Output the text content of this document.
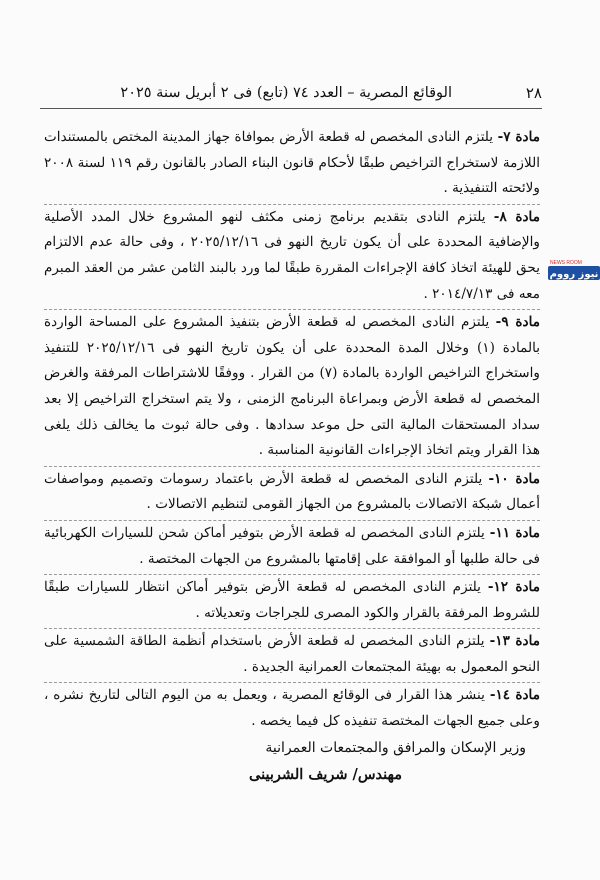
٢٨
الوقائع المصرية – العدد ٧٤ (تابع) فى ٢ أبريل سنة ٢٠٢٥

مادة ٧- يلتزم النادى المخصص له قطعة الأرض بموافاة جهاز المدينة المختص بالمستندات اللازمة لاستخراج التراخيص طبقًا لأحكام قانون البناء الصادر بالقانون رقم ١١٩ لسنة ٢٠٠٨ ولائحته التنفيذية .

مادة ٨- يلتزم النادى بتقديم برنامج زمنى مكثف لنهو المشروع خلال المدد الأصلية والإضافية المحددة على أن يكون تاريخ النهو فى ٢٠٢٥/١٢/١٦ ، وفى حالة عدم الالتزام يحق للهيئة اتخاذ كافة الإجراءات المقررة طبقًا لما ورد بالبند الثامن عشر من العقد المبرم معه فى ٢٠١٤/٧/١٣ .

مادة ٩- يلتزم النادى المخصص له قطعة الأرض بتنفيذ المشروع على المساحة الواردة بالمادة (١) وخلال المدة المحددة على أن يكون تاريخ النهو فى ٢٠٢٥/١٢/١٦ للتنفيذ واستخراج التراخيص الواردة بالمادة (٧) من القرار . ووفقًا للاشتراطات المرفقة والغرض المخصص له قطعة الأرض وبمراعاة البرنامج الزمنى ، ولا يتم استخراج التراخيص إلا بعد سداد المستحقات المالية التى حل موعد سدادها . وفى حالة ثبوت ما يخالف ذلك يلغى هذا القرار ويتم اتخاذ الإجراءات القانونية المناسبة .

مادة ١٠- يلتزم النادى المخصص له قطعة الأرض باعتماد رسومات وتصميم ومواصفات أعمال شبكة الاتصالات بالمشروع من الجهاز القومى لتنظيم الاتصالات .

مادة ١١- يلتزم النادى المخصص له قطعة الأرض بتوفير أماكن شحن للسيارات الكهربائية فى حالة طلبها أو الموافقة على إقامتها بالمشروع من الجهات المختصة .

مادة ١٢- يلتزم النادى المخصص له قطعة الأرض بتوفير أماكن انتظار للسيارات طبقًا للشروط المرفقة بالقرار والكود المصرى للجراجات وتعديلاته .

مادة ١٣- يلتزم النادى المخصص له قطعة الأرض باستخدام أنظمة الطاقة الشمسية على النحو المعمول به بهيئة المجتمعات العمرانية الجديدة .

مادة ١٤- ينشر هذا القرار فى الوقائع المصرية ، ويعمل به من اليوم التالى لتاريخ نشره ، وعلى جميع الجهات المختصة تنفيذه كل فيما يخصه .

وزير الإسكان والمرافق والمجتمعات العمرانية
مهندس/ شريف الشربينى
NEWS ROOM
نيوز رووم
